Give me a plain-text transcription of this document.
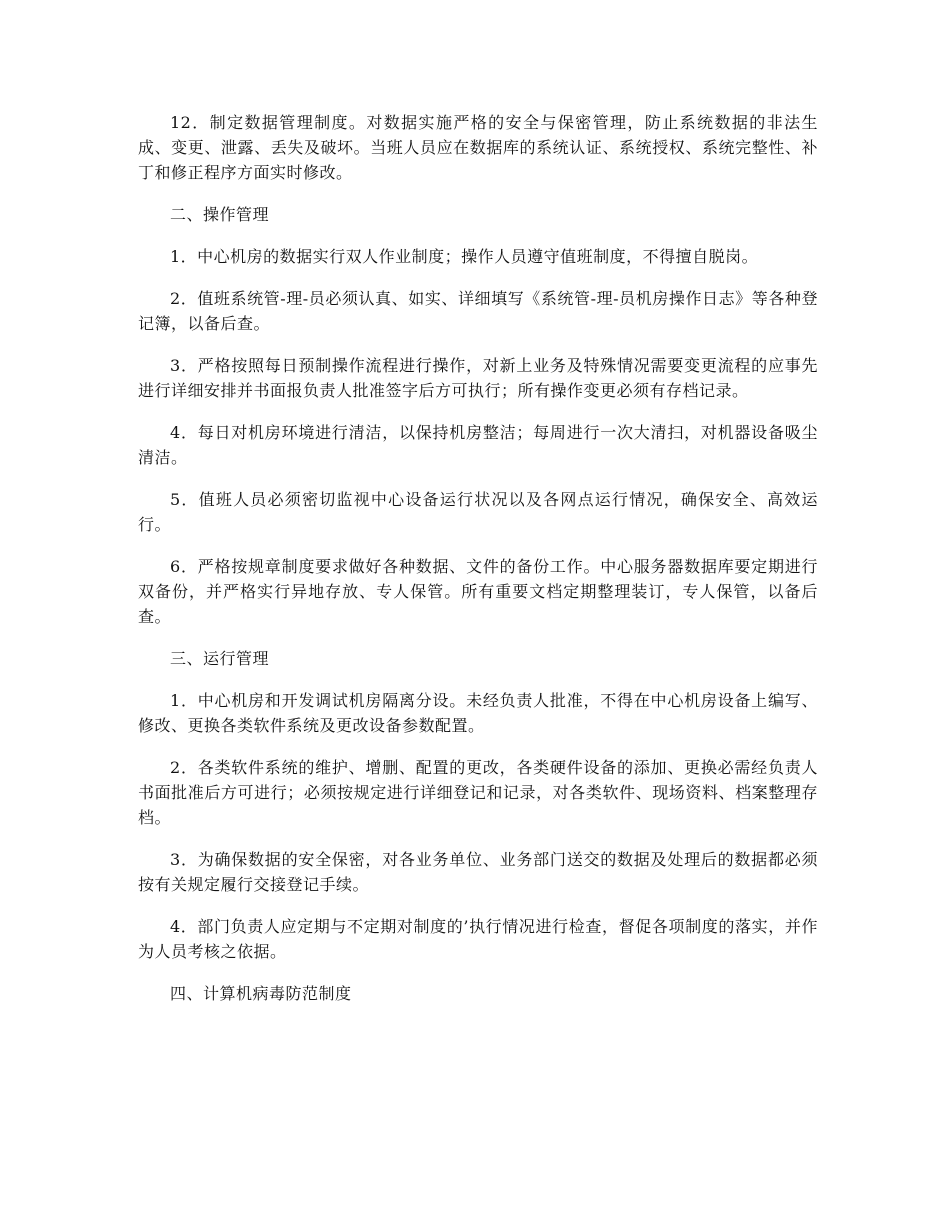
12．制定数据管理制度。对数据实施严格的安全与保密管理，防止系统数据的非法生成、变更、泄露、丢失及破坏。当班人员应在数据库的系统认证、系统授权、系统完整性、补丁和修正程序方面实时修改。

二、操作管理

1．中心机房的数据实行双人作业制度；操作人员遵守值班制度，不得擅自脱岗。

2．值班系统管-理-员必须认真、如实、详细填写《系统管-理-员机房操作日志》等各种登记簿，以备后查。

3．严格按照每日预制操作流程进行操作，对新上业务及特殊情况需要变更流程的应事先进行详细安排并书面报负责人批准签字后方可执行；所有操作变更必须有存档记录。

4．每日对机房环境进行清洁，以保持机房整洁；每周进行一次大清扫，对机器设备吸尘清洁。

5．值班人员必须密切监视中心设备运行状况以及各网点运行情况，确保安全、高效运行。

6．严格按规章制度要求做好各种数据、文件的备份工作。中心服务器数据库要定期进行双备份，并严格实行异地存放、专人保管。所有重要文档定期整理装订，专人保管，以备后查。

三、运行管理

1．中心机房和开发调试机房隔离分设。未经负责人批准，不得在中心机房设备上编写、修改、更换各类软件系统及更改设备参数配置。

2．各类软件系统的维护、增删、配置的更改，各类硬件设备的添加、更换必需经负责人书面批准后方可进行；必须按规定进行详细登记和记录，对各类软件、现场资料、档案整理存档。

3．为确保数据的安全保密，对各业务单位、业务部门送交的数据及处理后的数据都必须按有关规定履行交接登记手续。

4．部门负责人应定期与不定期对制度的’执行情况进行检查，督促各项制度的落实，并作为人员考核之依据。

四、计算机病毒防范制度
